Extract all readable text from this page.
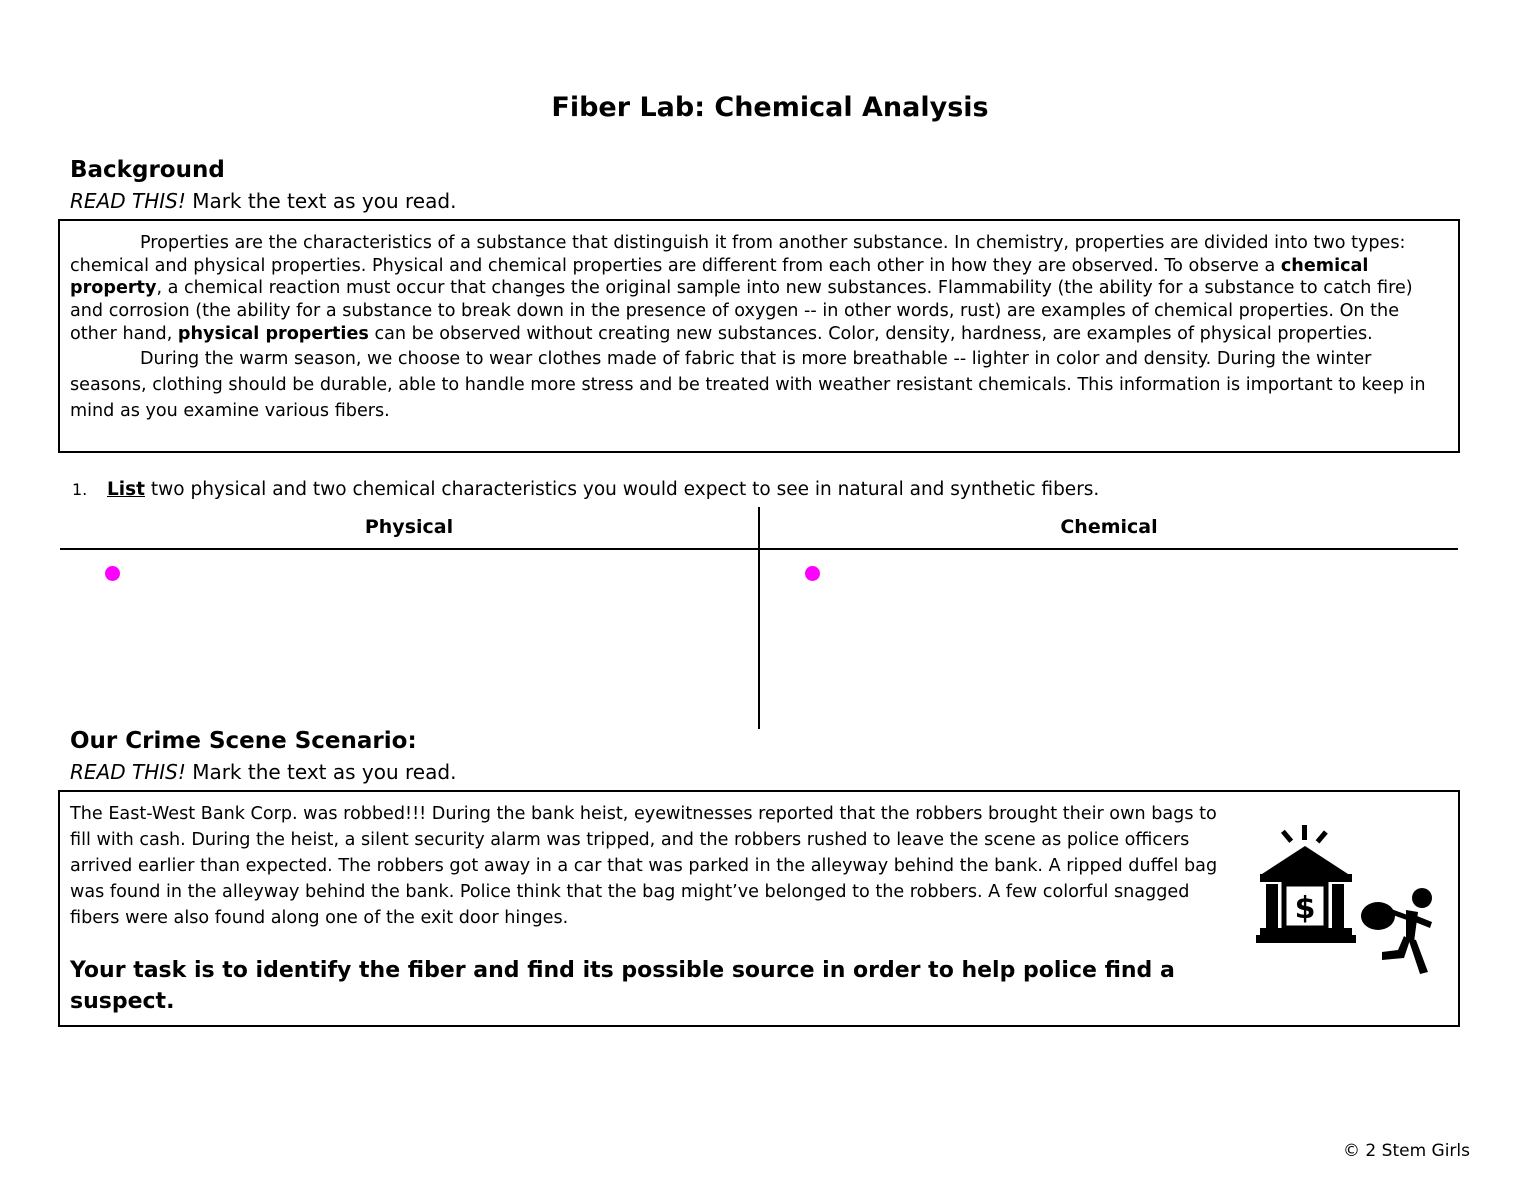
Fiber Lab: Chemical Analysis
Background
READ THIS! Mark the text as you read.

Properties are the characteristics of a substance that distinguish it from another substance. In chemistry, properties are divided into two types: chemical and physical properties. Physical and chemical properties are different from each other in how they are observed. To observe a chemical property, a chemical reaction must occur that changes the original sample into new substances. Flammability (the ability for a substance to catch fire) and corrosion (the ability for a substance to break down in the presence of oxygen -- in other words, rust) are examples of chemical properties. On the other hand, physical properties can be observed without creating new substances. Color, density, hardness, are examples of physical properties.

During the warm season, we choose to wear clothes made of fabric that is more breathable -- lighter in color and density. During the winter seasons, clothing should be durable, able to handle more stress and be treated with weather resistant chemicals. This information is important to keep in mind as you examine various fibers.

1. List two physical and two chemical characteristics you would expect to see in natural and synthetic fibers.
Physical	Chemical
Our Crime Scene Scenario:
READ THIS! Mark the text as you read.
The East-West Bank Corp. was robbed!!! During the bank heist, eyewitnesses reported that the robbers brought their own bags to fill with cash. During the heist, a silent security alarm was tripped, and the robbers rushed to leave the scene as police officers arrived earlier than expected. The robbers got away in a car that was parked in the alleyway behind the bank. A ripped duffel bag was found in the alleyway behind the bank. Police think that the bag might’ve belonged to the robbers. A few colorful snagged fibers were also found along one of the exit door hinges.
Your task is to identify the fiber and find its possible source in order to help police find a suspect.
$
© 2 Stem Girls
